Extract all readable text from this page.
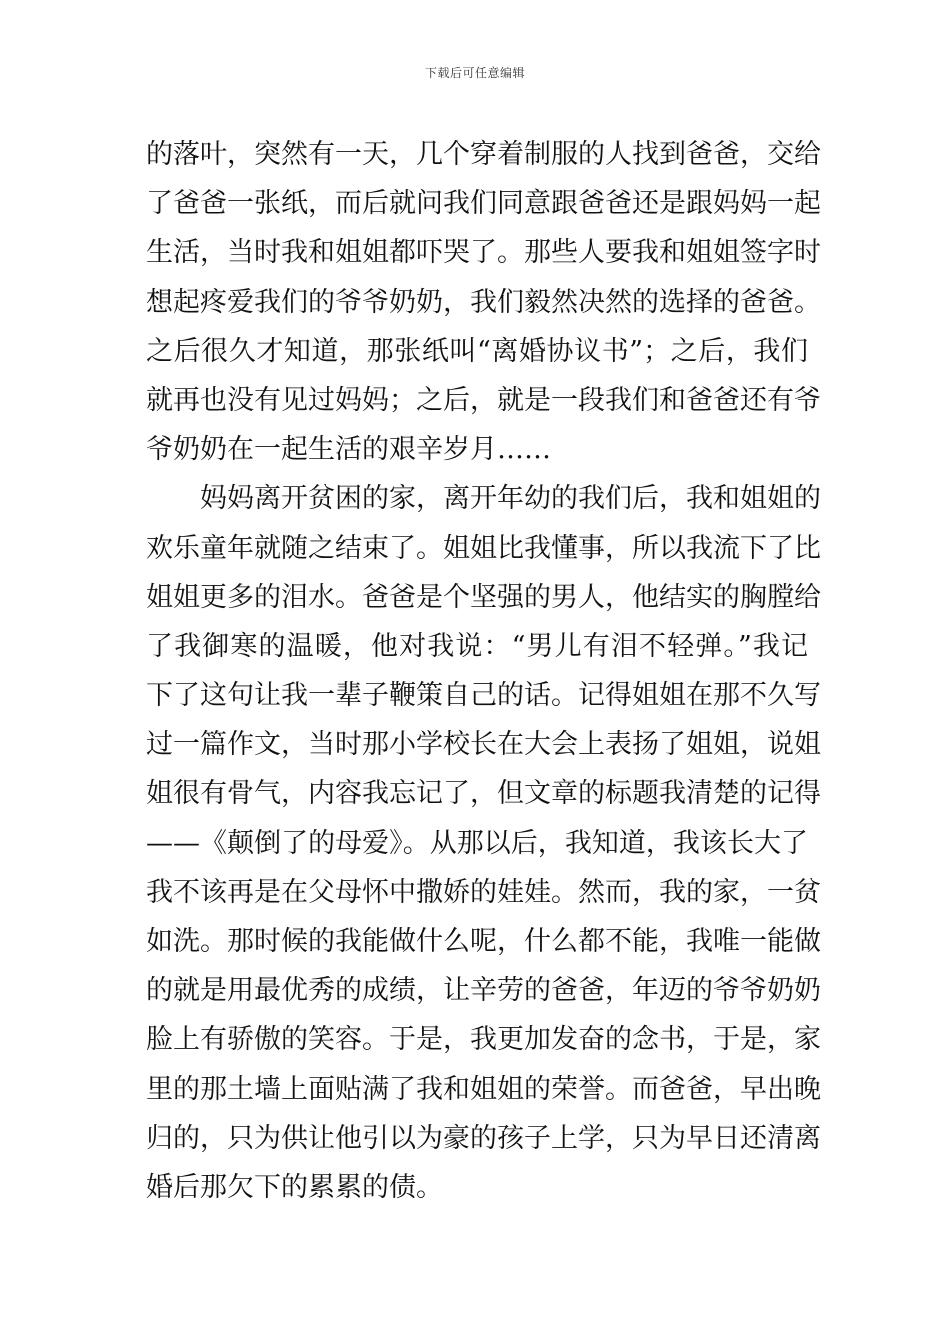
下载后可任意编辑
的落叶，突然有一天，几个穿着制服的人找到爸爸，交给
了爸爸一张纸，而后就问我们同意跟爸爸还是跟妈妈一起
生活，当时我和姐姐都吓哭了。那些人要我和姐姐签字时
想起疼爱我们的爷爷奶奶，我们毅然决然的选择的爸爸。
之后很久才知道，那张纸叫“离婚协议书”；之后，我们
就再也没有见过妈妈；之后，就是一段我们和爸爸还有爷
爷奶奶在一起生活的艰辛岁月……
　　妈妈离开贫困的家，离开年幼的我们后，我和姐姐的
欢乐童年就随之结束了。姐姐比我懂事，所以我流下了比
姐姐更多的泪水。爸爸是个坚强的男人，他结实的胸膛给
了我御寒的温暖，他对我说：“男儿有泪不轻弹。”我记
下了这句让我一辈子鞭策自己的话。记得姐姐在那不久写
过一篇作文，当时那小学校长在大会上表扬了姐姐，说姐
姐很有骨气，内容我忘记了，但文章的标题我清楚的记得
——《颠倒了的母爱》。从那以后，我知道，我该长大了
我不该再是在父母怀中撒娇的娃娃。然而，我的家，一贫
如洗。那时候的我能做什么呢，什么都不能，我唯一能做
的就是用最优秀的成绩，让辛劳的爸爸，年迈的爷爷奶奶
脸上有骄傲的笑容。于是，我更加发奋的念书，于是，家
里的那土墙上面贴满了我和姐姐的荣誉。而爸爸，早出晚
归的，只为供让他引以为豪的孩子上学，只为早日还清离
婚后那欠下的累累的债。
